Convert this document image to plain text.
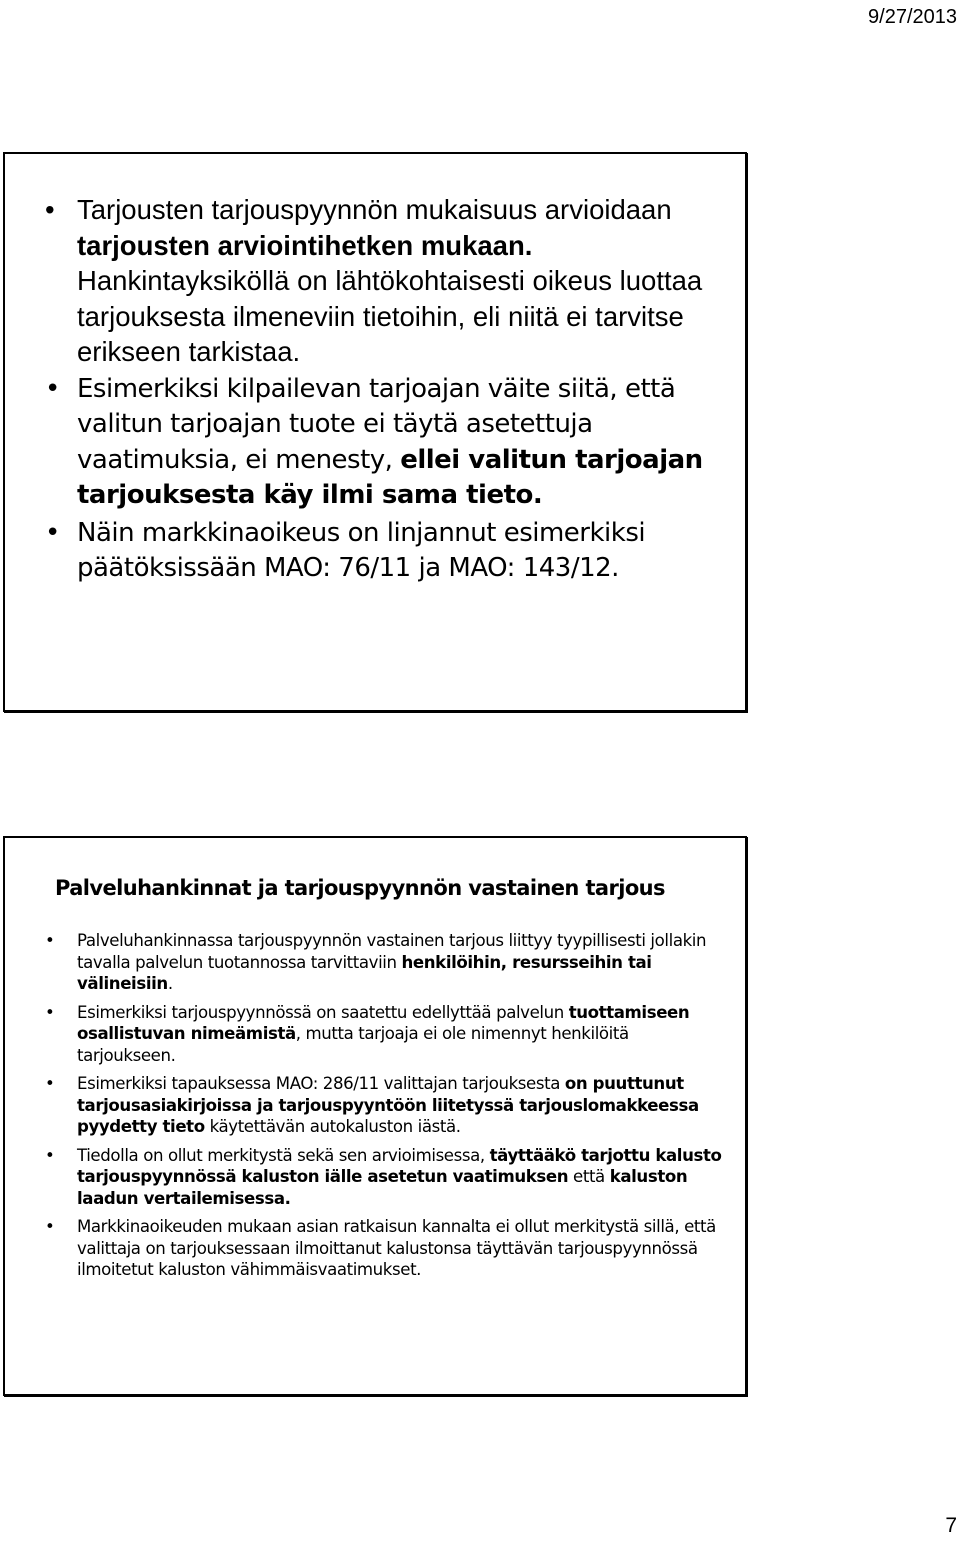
9/27/2013
• Tarjousten tarjouspyynnön mukaisuus arvioidaan tarjousten arviointihetken mukaan. Hankintayksiköllä on lähtökohtaisesti oikeus luottaa tarjouksesta ilmeneviin tietoihin, eli niitä ei tarvitse erikseen tarkistaa.
• Esimerkiksi kilpailevan tarjoajan väite siitä, että valitun tarjoajan tuote ei täytä asetettuja vaatimuksia, ei menesty, ellei valitun tarjoajan tarjouksesta käy ilmi sama tieto.
• Näin markkinaoikeus on linjannut esimerkiksi päätöksissään MAO: 76/11 ja MAO: 143/12.
Palveluhankinnat ja tarjouspyynnön vastainen tarjous
• Palveluhankinnassa tarjouspyynnön vastainen tarjous liittyy tyypillisesti jollakin tavalla palvelun tuotannossa tarvittaviin henkilöihin, resursseihin tai välineisiin.
• Esimerkiksi tarjouspyynnössä on saatettu edellyttää palvelun tuottamiseen osallistuvan nimeämistä, mutta tarjoaja ei ole nimennyt henkilöitä tarjoukseen.
• Esimerkiksi tapauksessa MAO: 286/11 valittajan tarjouksesta on puuttunut tarjousasiakirjoissa ja tarjouspyyntöön liitetyssä tarjouslomakkeessa pyydetty tieto käytettävän autokaluston iästä.
• Tiedolla on ollut merkitystä sekä sen arvioimisessa, täyttääkö tarjottu kalusto tarjouspyynnössä kaluston iälle asetetun vaatimuksen että kaluston laadun vertailemisessa.
• Markkinaoikeuden mukaan asian ratkaisun kannalta ei ollut merkitystä sillä, että valittaja on tarjouksessaan ilmoittanut kalustonsa täyttävän tarjouspyynnössä ilmoitetut kaluston vähimmäisvaatimukset.
7
